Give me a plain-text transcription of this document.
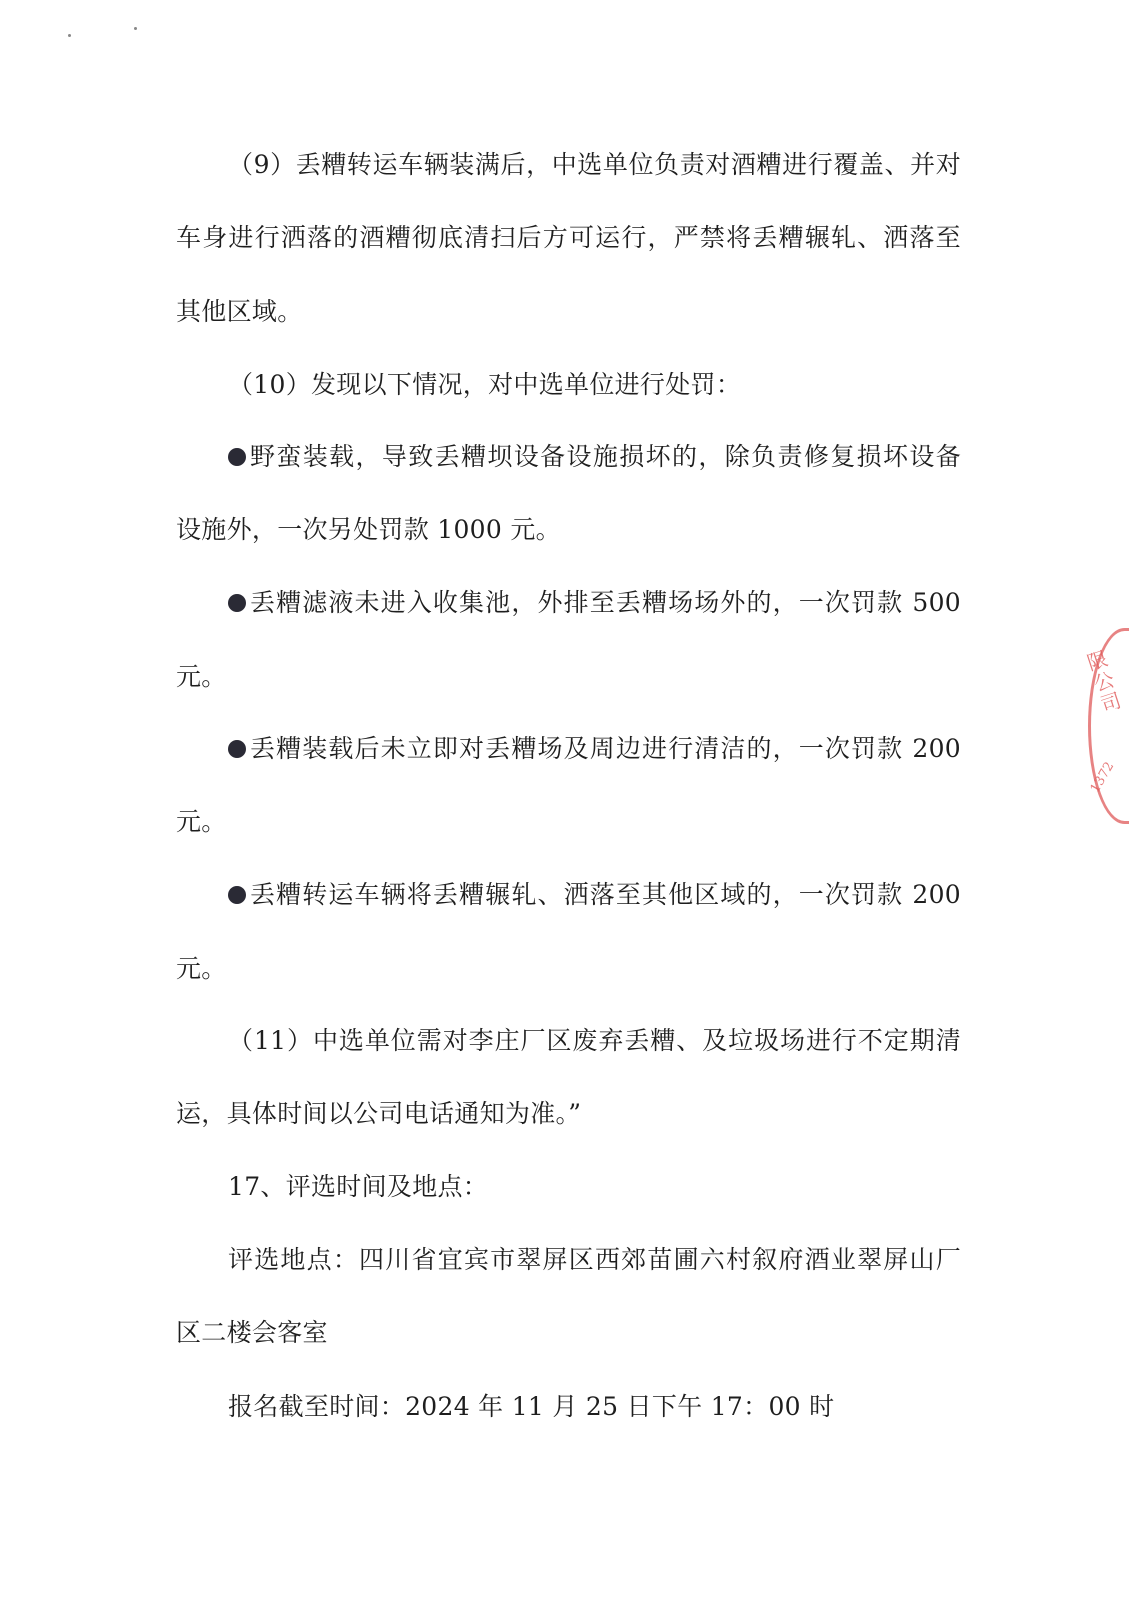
（9）丢糟转运车辆装满后，中选单位负责对酒糟进行覆盖、并对
车身进行洒落的酒糟彻底清扫后方可运行，严禁将丢糟辗轧、洒落至
其他区域。
（10）发现以下情况，对中选单位进行处罚：
野蛮装载，导致丢糟坝设备设施损坏的，除负责修复损坏设备
设施外，一次另处罚款 1000 元。
丢糟滤液未进入收集池，外排至丢糟场场外的，一次罚款 500
元。
丢糟装载后未立即对丢糟场及周边进行清洁的，一次罚款 200
元。
丢糟转运车辆将丢糟辗轧、洒落至其他区域的，一次罚款 200
元。
（11）中选单位需对李庄厂区废弃丢糟、及垃圾场进行不定期清
运，具体时间以公司电话通知为准。”
17、评选时间及地点：
评选地点：四川省宜宾市翠屏区西郊苗圃六村叙府酒业翠屏山厂
区二楼会客室
报名截至时间：2024 年 11 月 25 日下午 17：00 时
限公司
1372
